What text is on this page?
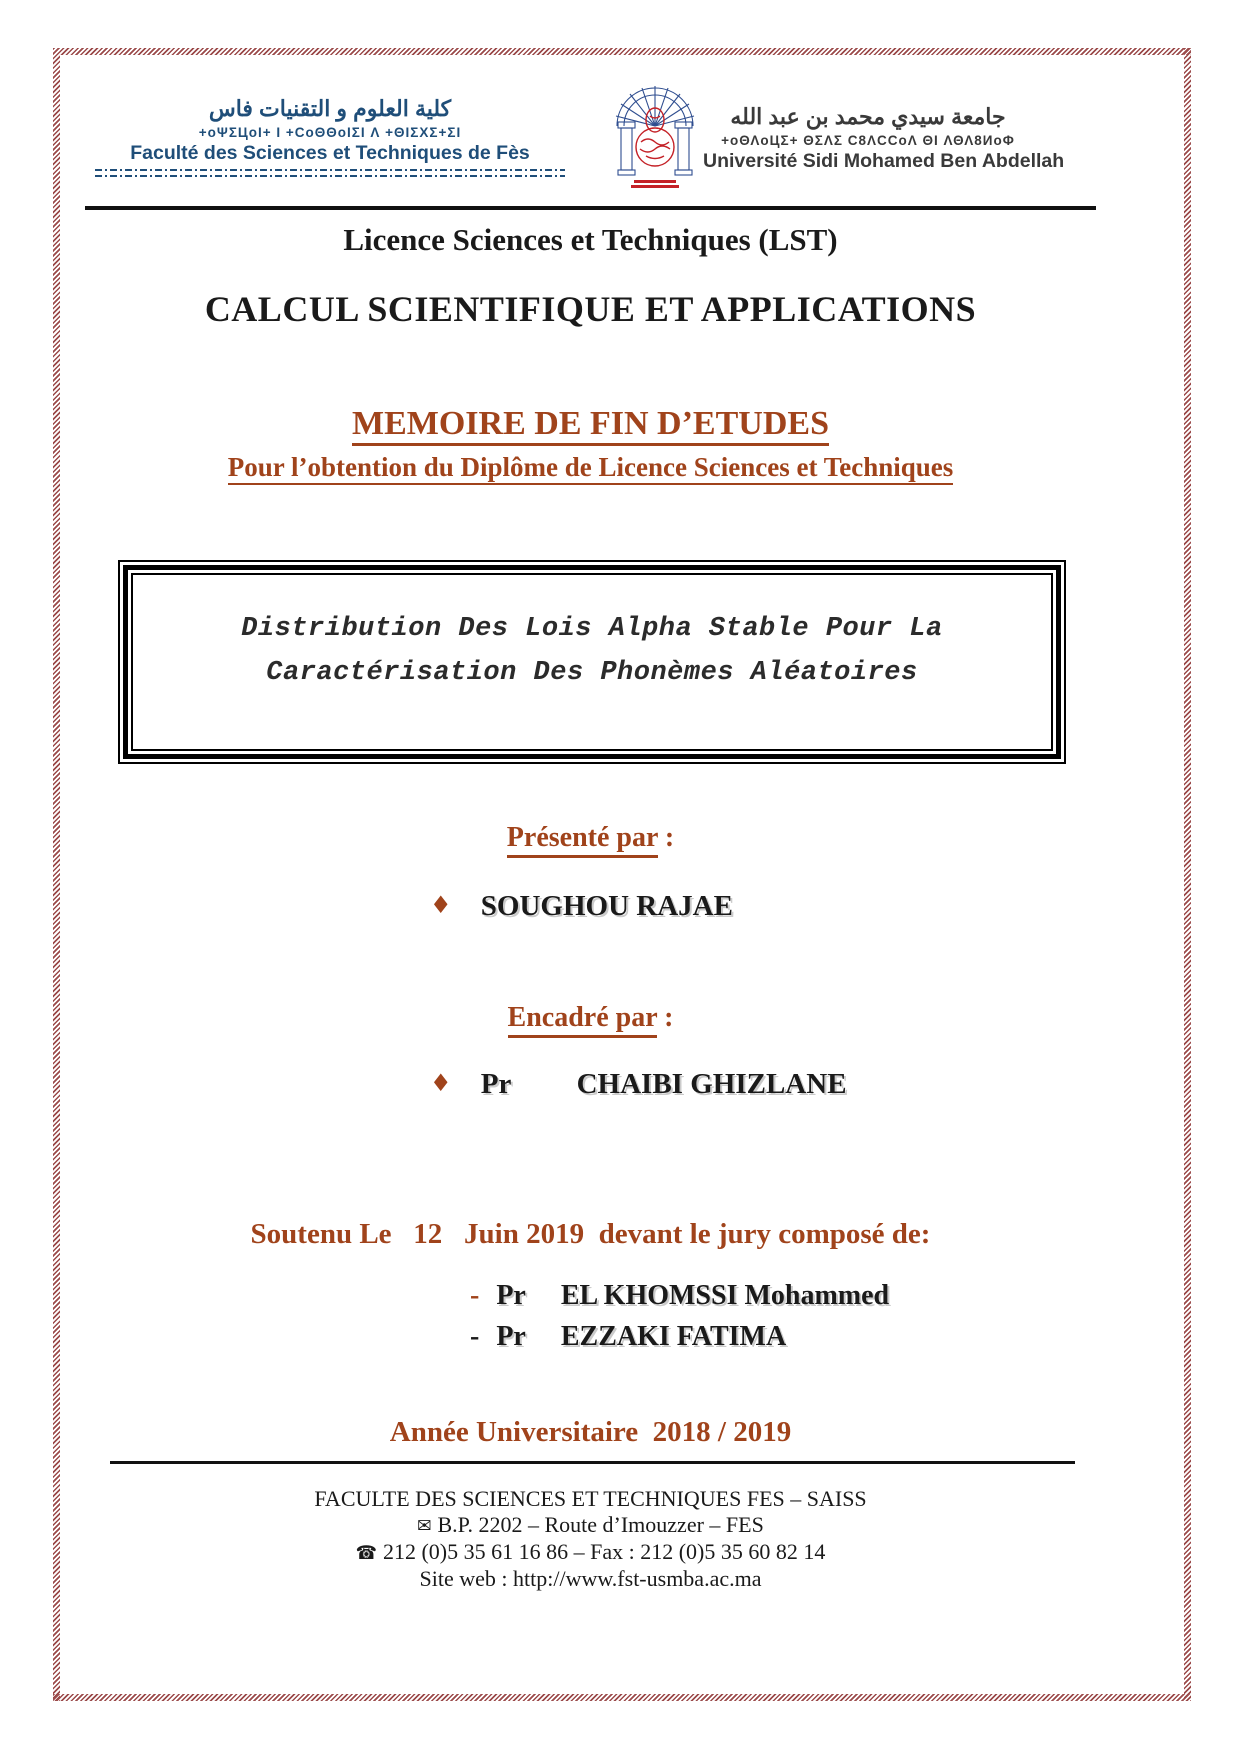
كلية العلوم و التقنيات فاس
+oΨΣЦoI+ I +CoΘΘoIΣI Λ +ΘIΣXΣ+ΣI
Faculté des Sciences et Techniques de Fès
جامعة سيدي محمد بن عبد الله
+oΘΛoЦΣ+ ΘΣΛΣ C8ΛCCoΛ ΘI ΛΘΛ8ИoΦ
Université Sidi Mohamed Ben Abdellah
Licence Sciences et Techniques (LST)
CALCUL SCIENTIFIQUE ET APPLICATIONS
MEMOIRE DE FIN D’ETUDES
Pour l’obtention du Diplôme de Licence Sciences et Techniques
Distribution Des Lois Alpha Stable Pour La
Caractérisation Des Phonèmes Aléatoires
Présenté par :
♦ SOUGHOU RAJAE
Encadré par :
♦ Pr CHAIBI GHIZLANE
Soutenu Le   12   Juin 2019  devant le jury composé de:
- Pr EL KHOMSSI Mohammed
- Pr EZZAKI FATIMA
Année Universitaire  2018 / 2019
FACULTE DES SCIENCES ET TECHNIQUES FES – SAISS
✉ B.P. 2202 – Route d’Imouzzer – FES
☎ 212 (0)5 35 61 16 86 – Fax : 212 (0)5 35 60 82 14
Site web : http://www.fst-usmba.ac.ma
